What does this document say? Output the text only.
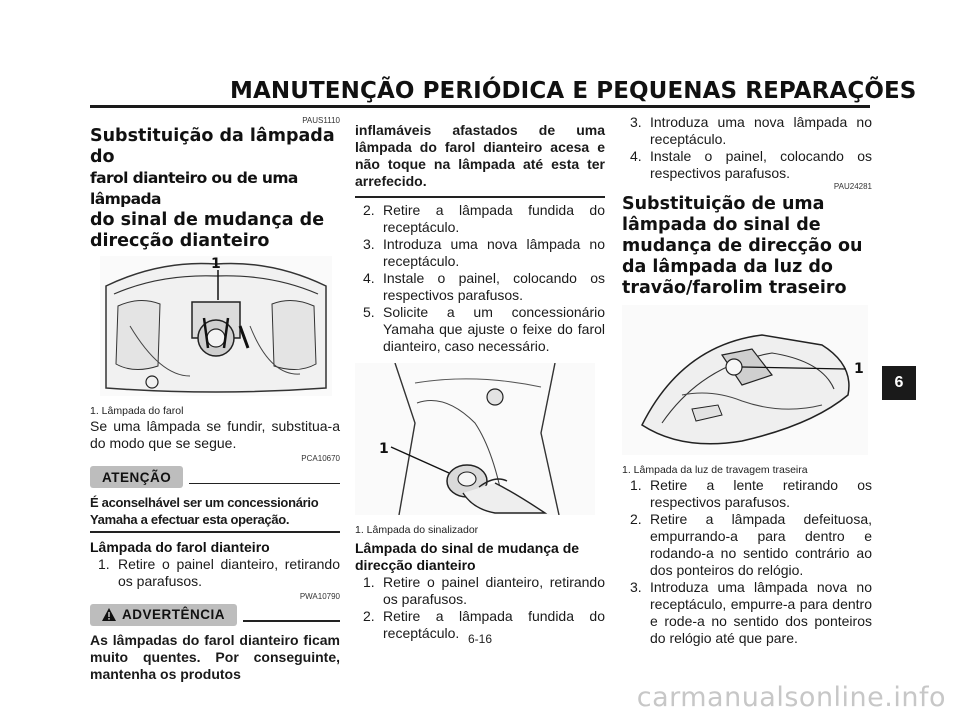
MANUTENÇÃO PERIÓDICA E PEQUENAS REPARAÇÕES
PAUS1110
Substituição da lâmpada do
farol dianteiro ou de uma lâmpada
do sinal de mudança de
direcção dianteiro
1
1. Lâmpada do farol
Se uma lâmpada se fundir, substitua-a do modo que se segue.
PCA10670
ATENÇÃO
É aconselhável ser um concessionário Yamaha a efectuar esta operação.
Lâmpada do farol dianteiro
1. Retire o painel dianteiro, retirando os parafusos.
PWA10790
ADVERTÊNCIA
As lâmpadas do farol dianteiro ficam muito quentes. Por conseguinte, mantenha os produtos
inflamáveis afastados de uma lâmpada do farol dianteiro acesa e não toque na lâmpada até esta ter arrefecido.
2. Retire a lâmpada fundida do receptáculo.
3. Introduza uma nova lâmpada no receptáculo.
4. Instale o painel, colocando os respectivos parafusos.
5. Solicite a um concessionário Yamaha que ajuste o feixe do farol dianteiro, caso necessário.
1
1. Lâmpada do sinalizador
Lâmpada do sinal de mudança de direcção dianteiro
1. Retire o painel dianteiro, retirando os parafusos.
2. Retire a lâmpada fundida do receptáculo.
3. Introduza uma nova lâmpada no receptáculo.
4. Instale o painel, colocando os respectivos parafusos.
PAU24281
Substituição de uma lâmpada do sinal de mudança de direcção ou da lâmpada da luz do travão/farolim traseiro
1
1. Lâmpada da luz de travagem traseira
1. Retire a lente retirando os respectivos parafusos.
2. Retire a lâmpada defeituosa, empurrando-a para dentro e rodando-a no sentido contrário ao dos ponteiros do relógio.
3. Introduza uma lâmpada nova no receptáculo, empurre-a para dentro e rode-a no sentido dos ponteiros do relógio até que pare.
6
6-16
carmanualsonline.info
